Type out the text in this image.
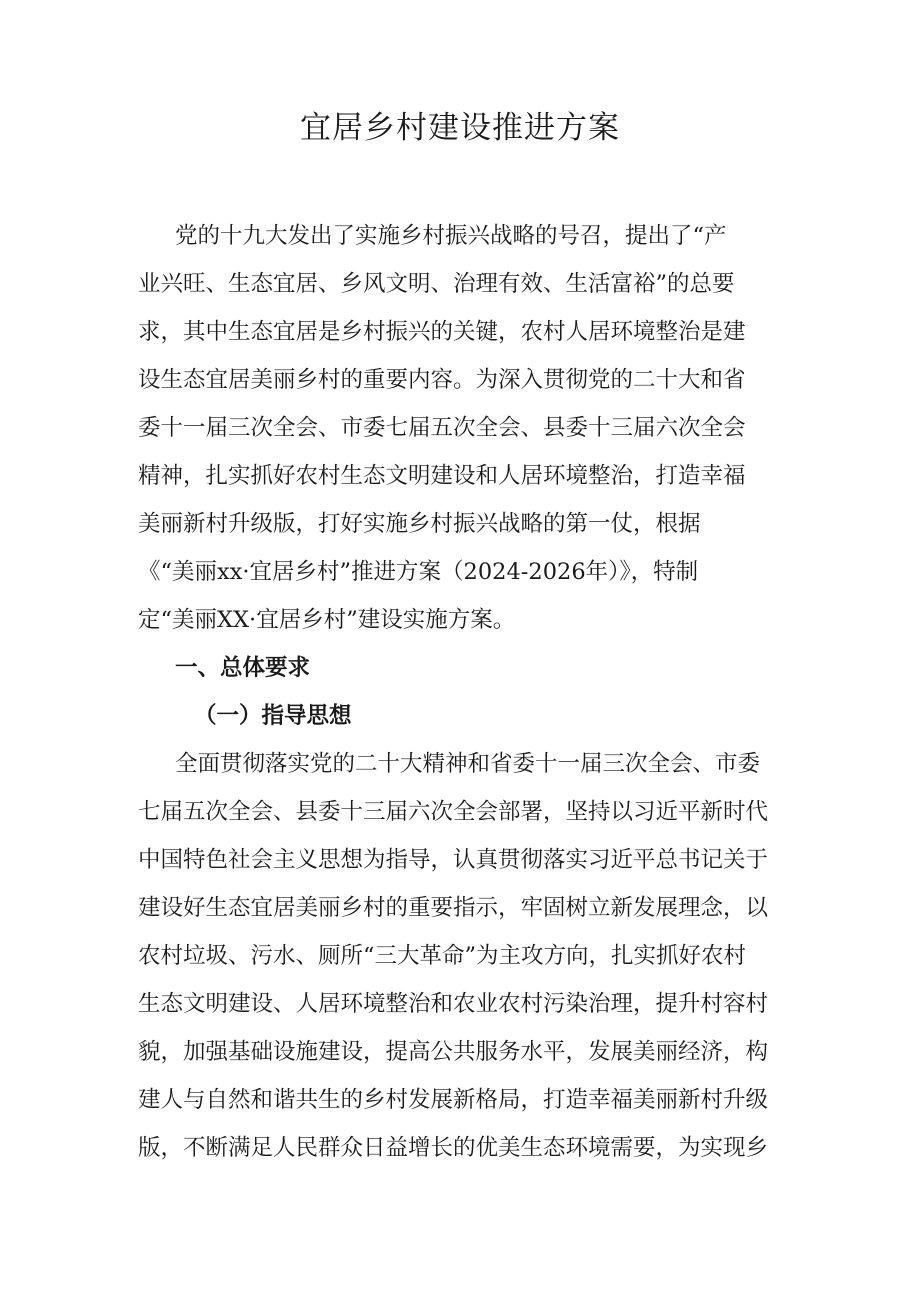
宜居乡村建设推进方案

党的十九大发出了实施乡村振兴战略的号召，提出了“产

业兴旺、生态宜居、乡风文明、治理有效、生活富裕”的总要

求，其中生态宜居是乡村振兴的关键，农村人居环境整治是建

设生态宜居美丽乡村的重要内容。为深入贯彻党的二十大和省

委十一届三次全会、市委七届五次全会、县委十三届六次全会

精神，扎实抓好农村生态文明建设和人居环境整治，打造幸福

美丽新村升级版，打好实施乡村振兴战略的第一仗，根据

《“美丽xx·宜居乡村”推进方案（2024-2026年）》，特制

定“美丽XX·宜居乡村”建设实施方案。

一、总体要求
（一）指导思想

全面贯彻落实党的二十大精神和省委十一届三次全会、市委

七届五次全会、县委十三届六次全会部署，坚持以习近平新时代

中国特色社会主义思想为指导，认真贯彻落实习近平总书记关于

建设好生态宜居美丽乡村的重要指示，牢固树立新发展理念，以

农村垃圾、污水、厕所“三大革命”为主攻方向，扎实抓好农村

生态文明建设、人居环境整治和农业农村污染治理，提升村容村

貌，加强基础设施建设，提高公共服务水平，发展美丽经济，构

建人与自然和谐共生的乡村发展新格局，打造幸福美丽新村升级

版，不断满足人民群众日益增长的优美生态环境需要，为实现乡
